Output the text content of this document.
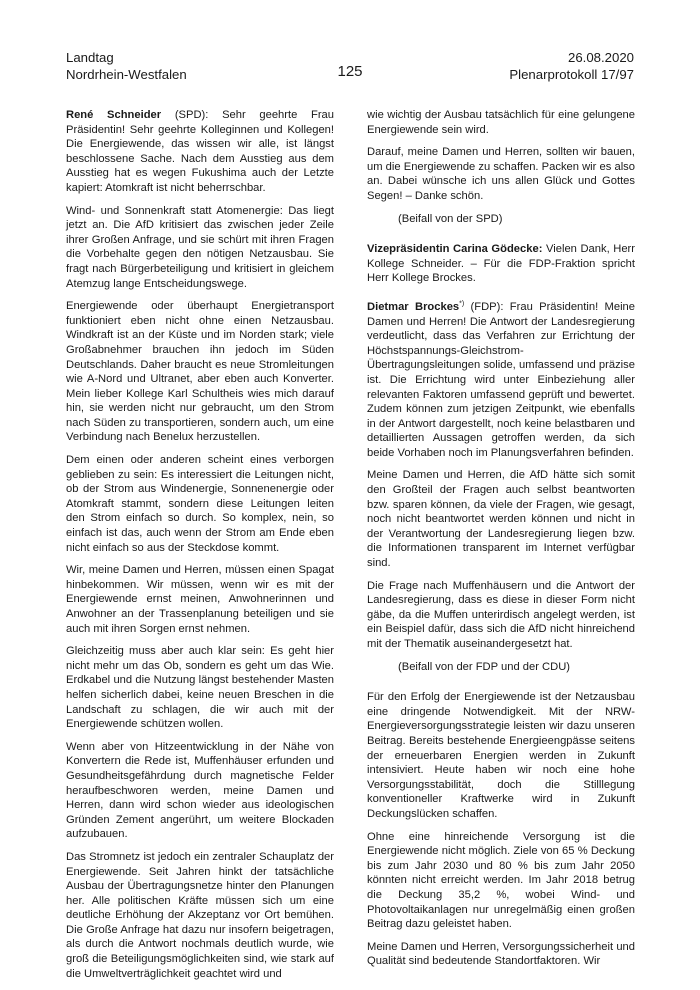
Landtag
Nordrhein-Westfalen	125
26.08.2020
Plenarprotokoll 17/97

René Schneider (SPD): Sehr geehrte Frau Präsidentin! Sehr geehrte Kolleginnen und Kollegen! Die Energiewende, das wissen wir alle, ist längst beschlossene Sache. Nach dem Ausstieg aus dem Ausstieg hat es wegen Fukushima auch der Letzte kapiert: Atomkraft ist nicht beherrschbar.

Wind- und Sonnenkraft statt Atomenergie: Das liegt jetzt an. Die AfD kritisiert das zwischen jeder Zeile ihrer Großen Anfrage, und sie schürt mit ihren Fragen die Vorbehalte gegen den nötigen Netzausbau. Sie fragt nach Bürgerbeteiligung und kritisiert in gleichem Atemzug lange Entscheidungswege.

Energiewende oder überhaupt Energietransport funktioniert eben nicht ohne einen Netzausbau. Windkraft ist an der Küste und im Norden stark; viele Großabnehmer brauchen ihn jedoch im Süden Deutschlands. Daher braucht es neue Stromleitungen wie A-Nord und Ultranet, aber eben auch Konverter. Mein lieber Kollege Karl Schultheis wies mich darauf hin, sie werden nicht nur gebraucht, um den Strom nach Süden zu transportieren, sondern auch, um eine Verbindung nach Benelux herzustellen.

Dem einen oder anderen scheint eines verborgen geblieben zu sein: Es interessiert die Leitungen nicht, ob der Strom aus Windenergie, Sonnenenergie oder Atomkraft stammt, sondern diese Leitungen leiten den Strom einfach so durch. So komplex, nein, so einfach ist das, auch wenn der Strom am Ende eben nicht einfach so aus der Steckdose kommt.

Wir, meine Damen und Herren, müssen einen Spagat hinbekommen. Wir müssen, wenn wir es mit der Energiewende ernst meinen, Anwohnerinnen und Anwohner an der Trassenplanung beteiligen und sie auch mit ihren Sorgen ernst nehmen.

Gleichzeitig muss aber auch klar sein: Es geht hier nicht mehr um das Ob, sondern es geht um das Wie. Erdkabel und die Nutzung längst bestehender Masten helfen sicherlich dabei, keine neuen Breschen in die Landschaft zu schlagen, die wir auch mit der Energiewende schützen wollen.

Wenn aber von Hitzeentwicklung in der Nähe von Konvertern die Rede ist, Muffenhäuser erfunden und Gesundheitsgefährdung durch magnetische Felder heraufbeschworen werden, meine Damen und Herren, dann wird schon wieder aus ideologischen Gründen Zement angerührt, um weitere Blockaden aufzubauen.

Das Stromnetz ist jedoch ein zentraler Schauplatz der Energiewende. Seit Jahren hinkt der tatsächliche Ausbau der Übertragungsnetze hinter den Planungen her. Alle politischen Kräfte müssen sich um eine deutliche Erhöhung der Akzeptanz vor Ort bemühen. Die Große Anfrage hat dazu nur insofern beigetragen, als durch die Antwort nochmals deutlich wurde, wie groß die Beteiligungsmöglichkeiten sind, wie stark auf die Umweltverträglichkeit geachtet wird und

wie wichtig der Ausbau tatsächlich für eine gelungene Energiewende sein wird.

Darauf, meine Damen und Herren, sollten wir bauen, um die Energiewende zu schaffen. Packen wir es also an. Dabei wünsche ich uns allen Glück und Gottes Segen! – Danke schön.

(Beifall von der SPD)

Vizepräsidentin Carina Gödecke: Vielen Dank, Herr Kollege Schneider. – Für die FDP-Fraktion spricht Herr Kollege Brockes.

Dietmar Brockes*) (FDP): Frau Präsidentin! Meine Damen und Herren! Die Antwort der Landesregierung verdeutlicht, dass das Verfahren zur Errichtung der Höchstspannungs-Gleichstrom-Übertragungsleitungen solide, umfassend und präzise ist. Die Errichtung wird unter Einbeziehung aller relevanten Faktoren umfassend geprüft und bewertet. Zudem können zum jetzigen Zeitpunkt, wie ebenfalls in der Antwort dargestellt, noch keine belastbaren und detaillierten Aussagen getroffen werden, da sich beide Vorhaben noch im Planungsverfahren befinden.

Meine Damen und Herren, die AfD hätte sich somit den Großteil der Fragen auch selbst beantworten bzw. sparen können, da viele der Fragen, wie gesagt, noch nicht beantwortet werden können und nicht in der Verantwortung der Landesregierung liegen bzw. die Informationen transparent im Internet verfügbar sind.

Die Frage nach Muffenhäusern und die Antwort der Landesregierung, dass es diese in dieser Form nicht gäbe, da die Muffen unterirdisch angelegt werden, ist ein Beispiel dafür, dass sich die AfD nicht hinreichend mit der Thematik auseinandergesetzt hat.

(Beifall von der FDP und der CDU)

Für den Erfolg der Energiewende ist der Netzausbau eine dringende Notwendigkeit. Mit der NRW-Energieversorgungsstrategie leisten wir dazu unseren Beitrag. Bereits bestehende Energieengpässe seitens der erneuerbaren Energien werden in Zukunft intensiviert. Heute haben wir noch eine hohe Versorgungsstabilität, doch die Stilllegung konventioneller Kraftwerke wird in Zukunft Deckungslücken schaffen.

Ohne eine hinreichende Versorgung ist die Energiewende nicht möglich. Ziele von 65 % Deckung bis zum Jahr 2030 und 80 % bis zum Jahr 2050 könnten nicht erreicht werden. Im Jahr 2018 betrug die Deckung 35,2 %, wobei Wind- und Photovoltaikanlagen nur unregelmäßig einen großen Beitrag dazu geleistet haben.

Meine Damen und Herren, Versorgungssicherheit und Qualität sind bedeutende Standortfaktoren. Wir
